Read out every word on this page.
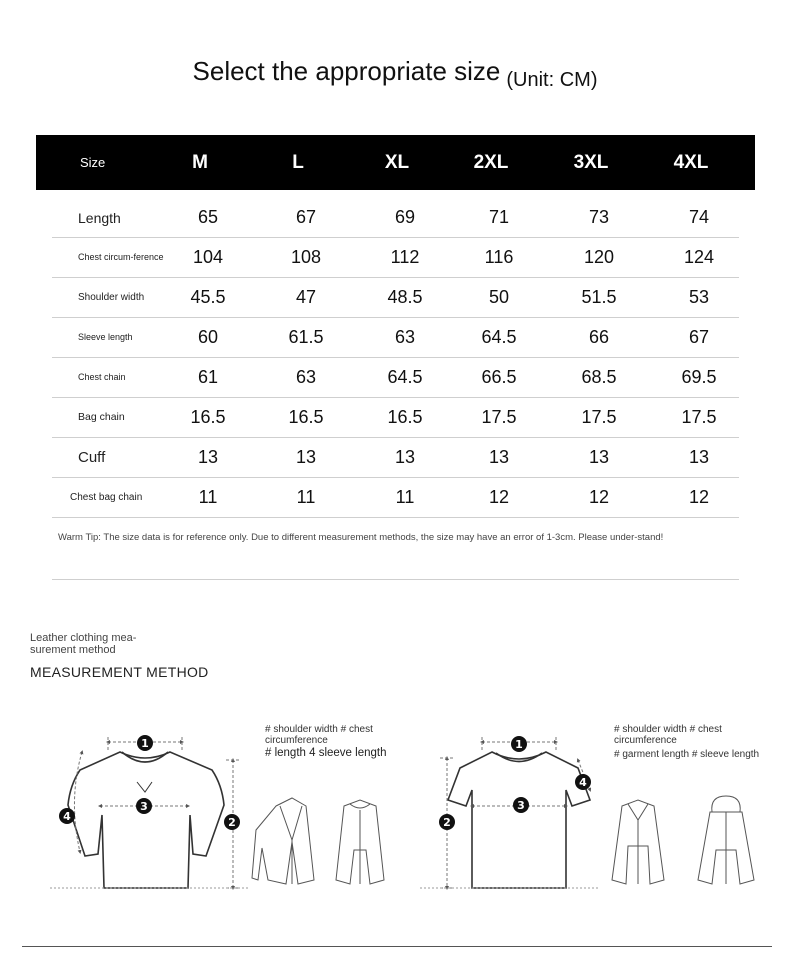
Select the appropriate size $_{(Unit: CM)}$
Size	M	L	XL	2XL	3XL	4XL
Length	65	67	69	71	73	74
Chest circum-ference	104	108	112	116	120	124
Shoulder width	45.5	47	48.5	50	51.5	53
Sleeve length	60	61.5	63	64.5	66	67
Chest chain	61	63	64.5	66.5	68.5	69.5
Bag chain	16.5	16.5	16.5	17.5	17.5	17.5
Cuff	13	13	13	13	13	13
Chest bag chain	11	11	11	12	12	12
Warm Tip: The size data is for reference only. Due to different measurement methods, the size may have an error of 1-3cm. Please under-stand!
Leather clothing mea-surement method
MEASUREMENT METHOD
# shoulder width # chest circumference
# length 4 sleeve length
# shoulder width # chest circumference
# garment length # sleeve length
1
2
3
4
1
2
3
4
